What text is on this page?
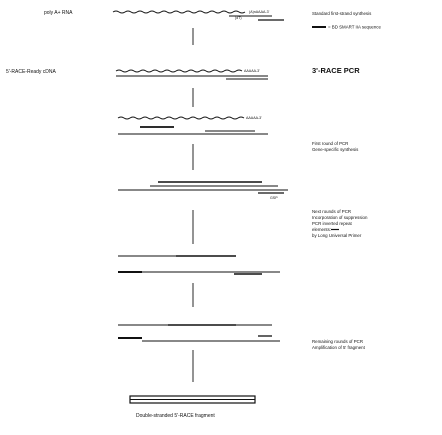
poly A+ RNA
5'-RACE-Ready cDNA
(A)nAAAA-3'
(dT)
Standard first-strand synthesis
= BD SMART IIA sequence
AAAAA-3'	3'-RACE PCR
AAAAA-3'
First round of PCR
Gene-specific synthesis
GSP
Next rounds of PCR
Incorporation of suppression
PCR inverted repeat
elements:
by Long Universal Primer
Remaining rounds of PCR
Amplification of 5' fragment
Double-stranded 5'-RACE fragment
